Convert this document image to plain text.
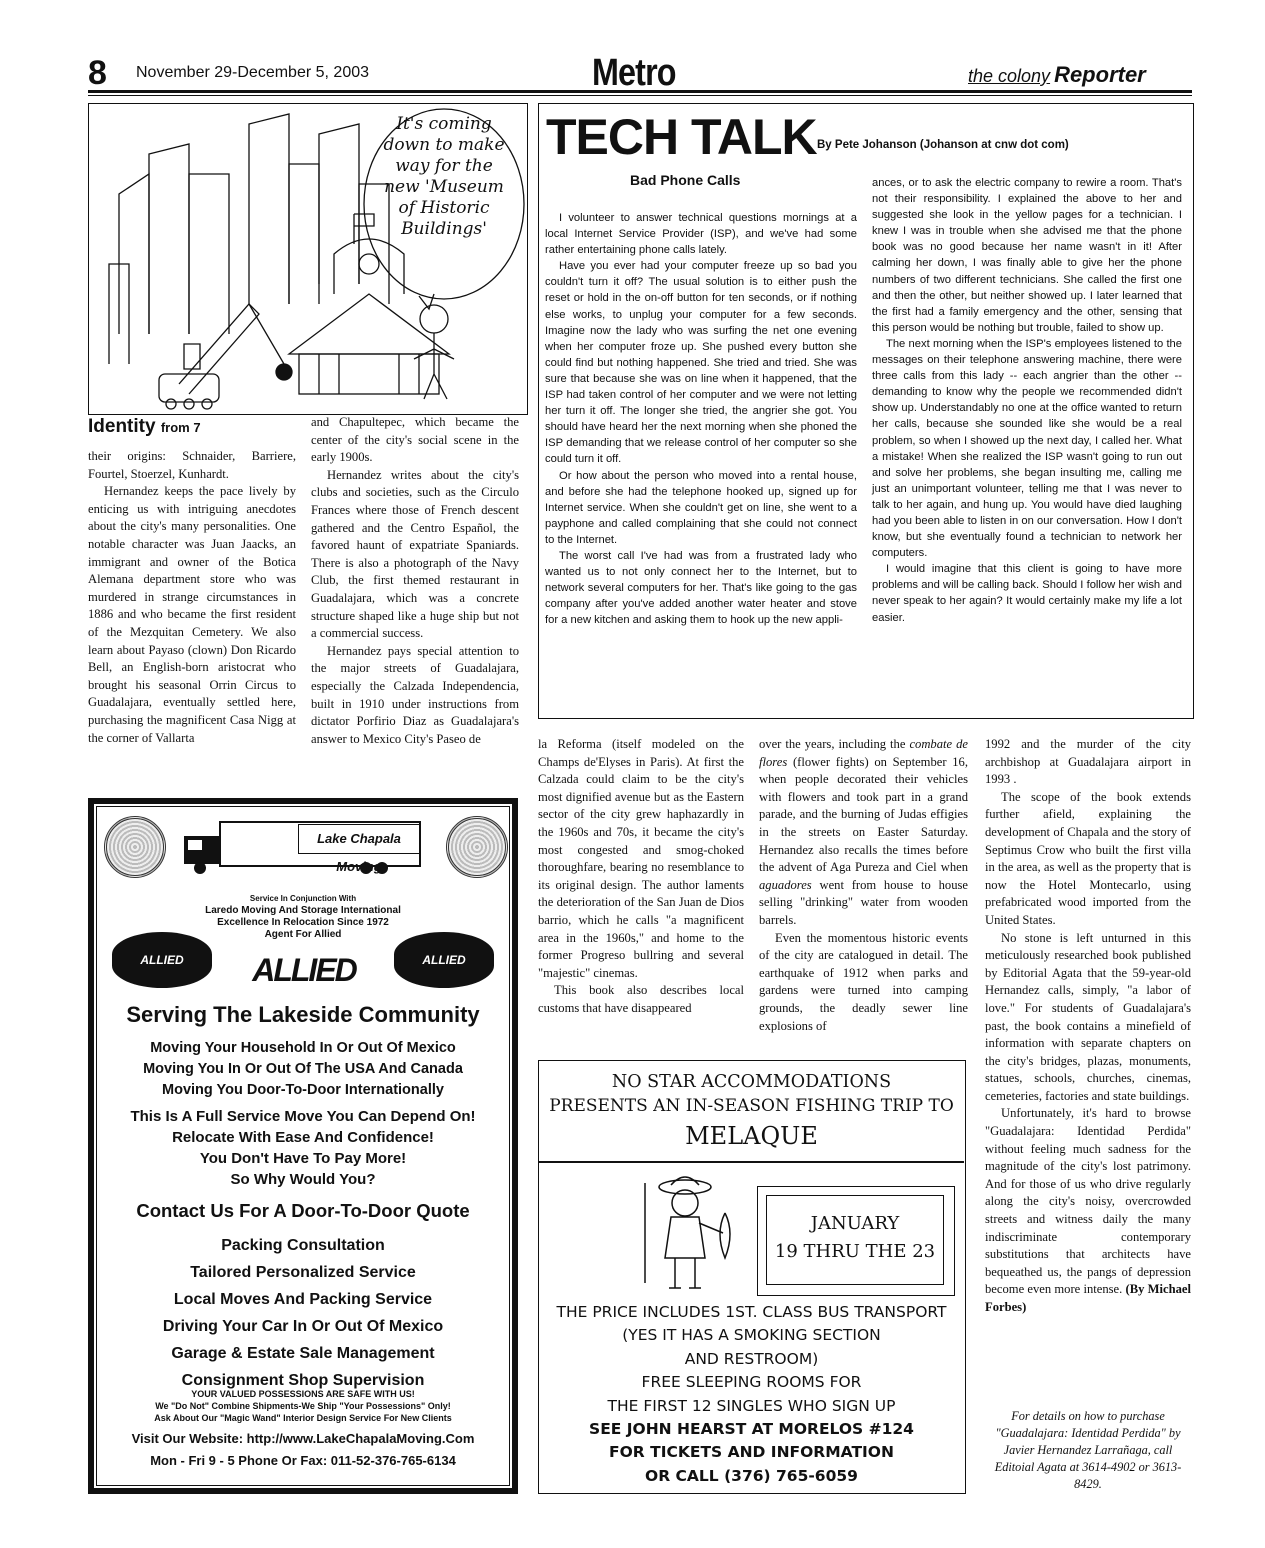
8 November 29-December 5, 2003	Metro	the colony Reporter
It's coming down to make way for the new 'Museum of Historic Buildings'
Identity from 7

their origins: Schnaider, Barriere, Fourtel, Stoerzel, Kunhardt.

Hernandez keeps the pace lively by enticing us with intriguing anecdotes about the city's many personalities. One notable character was Juan Jaacks, an immigrant and owner of the Botica Alemana department store who was murdered in strange circumstances in 1886 and who became the first resident of the Mezquitan Cemetery. We also learn about Payaso (clown) Don Ricardo Bell, an English-born aristocrat who brought his seasonal Orrin Circus to Guadalajara, eventually settled here, purchasing the magnificent Casa Nigg at the corner of Vallarta

and Chapultepec, which became the center of the city's social scene in the early 1900s.

Hernandez writes about the city's clubs and societies, such as the Circulo Frances where those of French descent gathered and the Centro Español, the favored haunt of expatriate Spaniards. There is also a photograph of the Navy Club, the first themed restaurant in Guadalajara, which was a concrete structure shaped like a huge ship but not a commercial success.

Hernandez pays special attention to the major streets of Guadalajara, especially the Calzada Independencia, built in 1910 under instructions from dictator Porfirio Diaz as Guadalajara's answer to Mexico City's Paseo de

TECH TALK By Pete Johanson (Johanson at cnw dot com)
Bad Phone Calls

I volunteer to answer technical questions mornings at a local Internet Service Provider (ISP), and we've had some rather entertaining phone calls lately.

Have you ever had your computer freeze up so bad you couldn't turn it off? The usual solution is to either push the reset or hold in the on-off button for ten seconds, or if nothing else works, to unplug your computer for a few seconds. Imagine now the lady who was surfing the net one evening when her computer froze up. She pushed every button she could find but nothing happened. She tried and tried. She was sure that because she was on line when it happened, that the ISP had taken control of her computer and we were not letting her turn it off. The longer she tried, the angrier she got. You should have heard her the next morning when she phoned the ISP demanding that we release control of her computer so she could turn it off.

Or how about the person who moved into a rental house, and before she had the telephone hooked up, signed up for Internet service. When she couldn't get on line, she went to a payphone and called complaining that she could not connect to the Internet.

The worst call I've had was from a frustrated lady who wanted us to not only connect her to the Internet, but to network several computers for her. That's like going to the gas company after you've added another water heater and stove for a new kitchen and asking them to hook up the new appli-

ances, or to ask the electric company to rewire a room. That's not their responsibility. I explained the above to her and suggested she look in the yellow pages for a technician. I knew I was in trouble when she advised me that the phone book was no good because her name wasn't in it! After calming her down, I was finally able to give her the phone numbers of two different technicians. She called the first one and then the other, but neither showed up. I later learned that the first had a family emergency and the other, sensing that this person would be nothing but trouble, failed to show up.

The next morning when the ISP's employees listened to the messages on their telephone answering machine, there were three calls from this lady -- each angrier than the other -- demanding to know why the people we recommended didn't show up. Understandably no one at the office wanted to return her calls, because she sounded like she would be a real problem, so when I showed up the next day, I called her. What a mistake! When she realized the ISP wasn't going to run out and solve her problems, she began insulting me, calling me just an unimportant volunteer, telling me that I was never to talk to her again, and hung up. You would have died laughing had you been able to listen in on our conversation. How I don't know, but she eventually found a technician to network her computers.

I would imagine that this client is going to have more problems and will be calling back. Should I follow her wish and never speak to her again? It would certainly make my life a lot easier.

la Reforma (itself modeled on the Champs de'Elyses in Paris). At first the Calzada could claim to be the city's most dignified avenue but as the Eastern sector of the city grew haphazardly in the 1960s and 70s, it became the city's most congested and smog-choked thoroughfare, bearing no resemblance to its original design. The author laments the deterioration of the San Juan de Dios barrio, which he calls "a magnificent area in the 1960s," and home to the former Progreso bullring and several "majestic" cinemas.

This book also describes local customs that have disappeared

over the years, including the combate de flores (flower fights) on September 16, when people decorated their vehicles with flowers and took part in a grand parade, and the burning of Judas effigies in the streets on Easter Saturday. Hernandez also recalls the times before the advent of Aga Pureza and Ciel when aguadores went from house to house selling "drinking" water from wooden barrels.

Even the momentous historic events of the city are catalogued in detail. The earthquake of 1912 when parks and gardens were turned into camping grounds, the deadly sewer line explosions of

1992 and the murder of the city archbishop at Guadalajara airport in 1993 .

The scope of the book extends further afield, explaining the development of Chapala and the story of Septimus Crow who built the first villa in the area, as well as the property that is now the Hotel Montecarlo, using prefabricated wood imported from the United States.

No stone is left unturned in this meticulously researched book published by Editorial Agata that the 59-year-old Hernandez calls, simply, "a labor of love." For students of Guadalajara's past, the book contains a minefield of information with separate chapters on the city's bridges, plazas, monuments, statues, schools, churches, cinemas, cemeteries, factories and state buildings.

Unfortunately, it's hard to browse "Guadalajara: Identidad Perdida" without feeling much sadness for the magnitude of the city's lost patrimony. And for those of us who drive regularly along the city's noisy, overcrowded streets and witness daily the many indiscriminate contemporary substitutions that architects have bequeathed us, the pangs of depression become even more intense. (By Michael Forbes)

For details on how to purchase "Guadalajara: Identidad Perdida" by Javier Hernandez Larrañaga, call Editoial Agata at 3614-4902 or 3613-8429.
Lake Chapala Moving
Service In Conjunction With
Laredo Moving And Storage International
Excellence In Relocation Since 1972
Agent For Allied
ALLIED	ALLIED
ALLIED
Serving The Lakeside Community
Moving Your Household In Or Out Of Mexico
Moving You In Or Out Of The USA And Canada
Moving You Door-To-Door Internationally
This Is A Full Service Move You Can Depend On!
Relocate With Ease And Confidence!
You Don't Have To Pay More!
So Why Would You?
Contact Us For A Door-To-Door Quote
Packing Consultation
Tailored Personalized Service
Local Moves And Packing Service
Driving Your Car In Or Out Of Mexico
Garage & Estate Sale Management
Consignment Shop Supervision
YOUR VALUED POSSESSIONS ARE SAFE WITH US!
We "Do Not" Combine Shipments-We Ship "Your Possessions" Only!
Ask About Our "Magic Wand" Interior Design Service For New Clients
Visit Our Website: http://www.LakeChapalaMoving.Com
Mon - Fri 9 - 5 Phone Or Fax: 011-52-376-765-6134
NO STAR ACCOMMODATIONS
PRESENTS AN IN-SEASON FISHING TRIP TO
MELAQUE
JANUARY
19 THRU THE 23
THE PRICE INCLUDES 1ST. CLASS BUS TRANSPORT
(YES IT HAS A SMOKING SECTION
AND RESTROOM)
FREE SLEEPING ROOMS FOR
THE FIRST 12 SINGLES WHO SIGN UP
SEE JOHN HEARST AT MORELOS #124
FOR TICKETS AND INFORMATION
OR CALL (376) 765-6059
